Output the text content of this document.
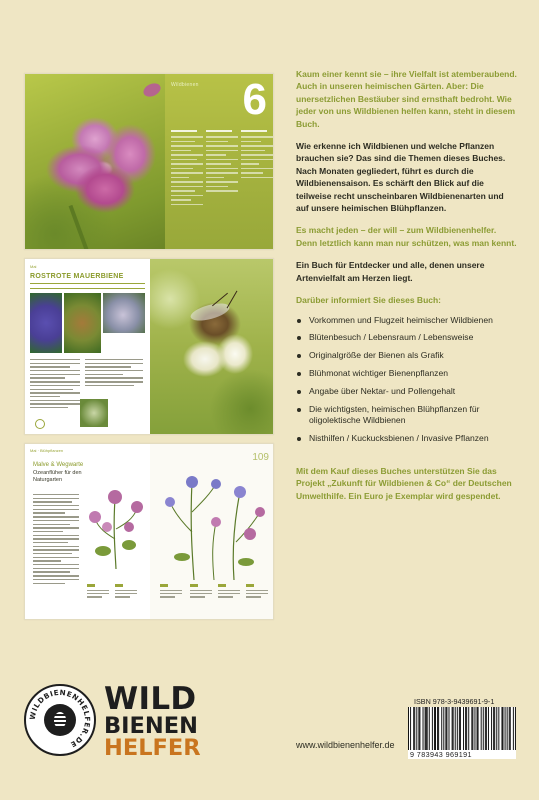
Wildbienen 6
Mai
ROSTROTE MAUERBIENE
Mai · Blühpflanzen
Malve & Wegwarte
Ozeanflüher für den Naturgarten
109

Kaum einer kennt sie – ihre Vielfalt ist atemberaubend. Auch in unseren heimischen Gärten. Aber: Die unersetzlichen Bestäuber sind ernsthaft bedroht. Wie jeder von uns Wildbienen helfen kann, steht in diesem Buch.

Wie erkenne ich Wildbienen und welche Pflanzen brauchen sie? Das sind die Themen dieses Buches. Nach Monaten gegliedert, führt es durch die Wildbienensaison. Es schärft den Blick auf die teilweise recht unscheinbaren Wildbienenarten und auf unsere heimischen Blühpflanzen.

Es macht jeden – der will – zum Wildbienenhelfer. Denn letztlich kann man nur schützen, was man kennt.

Ein Buch für Entdecker und alle, denen unsere Artenvielfalt am Herzen liegt.

Darüber informiert Sie dieses Buch:

Vorkommen und Flugzeit heimischer Wildbienen
Blütenbesuch / Lebensraum / Lebensweise
Originalgröße der Bienen als Grafik
Blühmonat wichtiger Bienenpflanzen
Angabe über Nektar- und Pollengehalt
Die wichtigsten, heimischen Blühpflanzen für oligolektische Wildbienen
Nisthilfen / Kuckucksbienen / Invasive Pflanzen

Mit dem Kauf dieses Buches unterstützen Sie das Projekt „Zukunft für Wildbienen & Co“ der Deutschen Umwelthilfe. Ein Euro je Exemplar wird gespendet.

WILDBIENENHELFER.DE
WILD
BIENEN
HELFER	www.wildbienenhelfer.de
ISBN 978-3-9439691-9-1
9 783943 969191
